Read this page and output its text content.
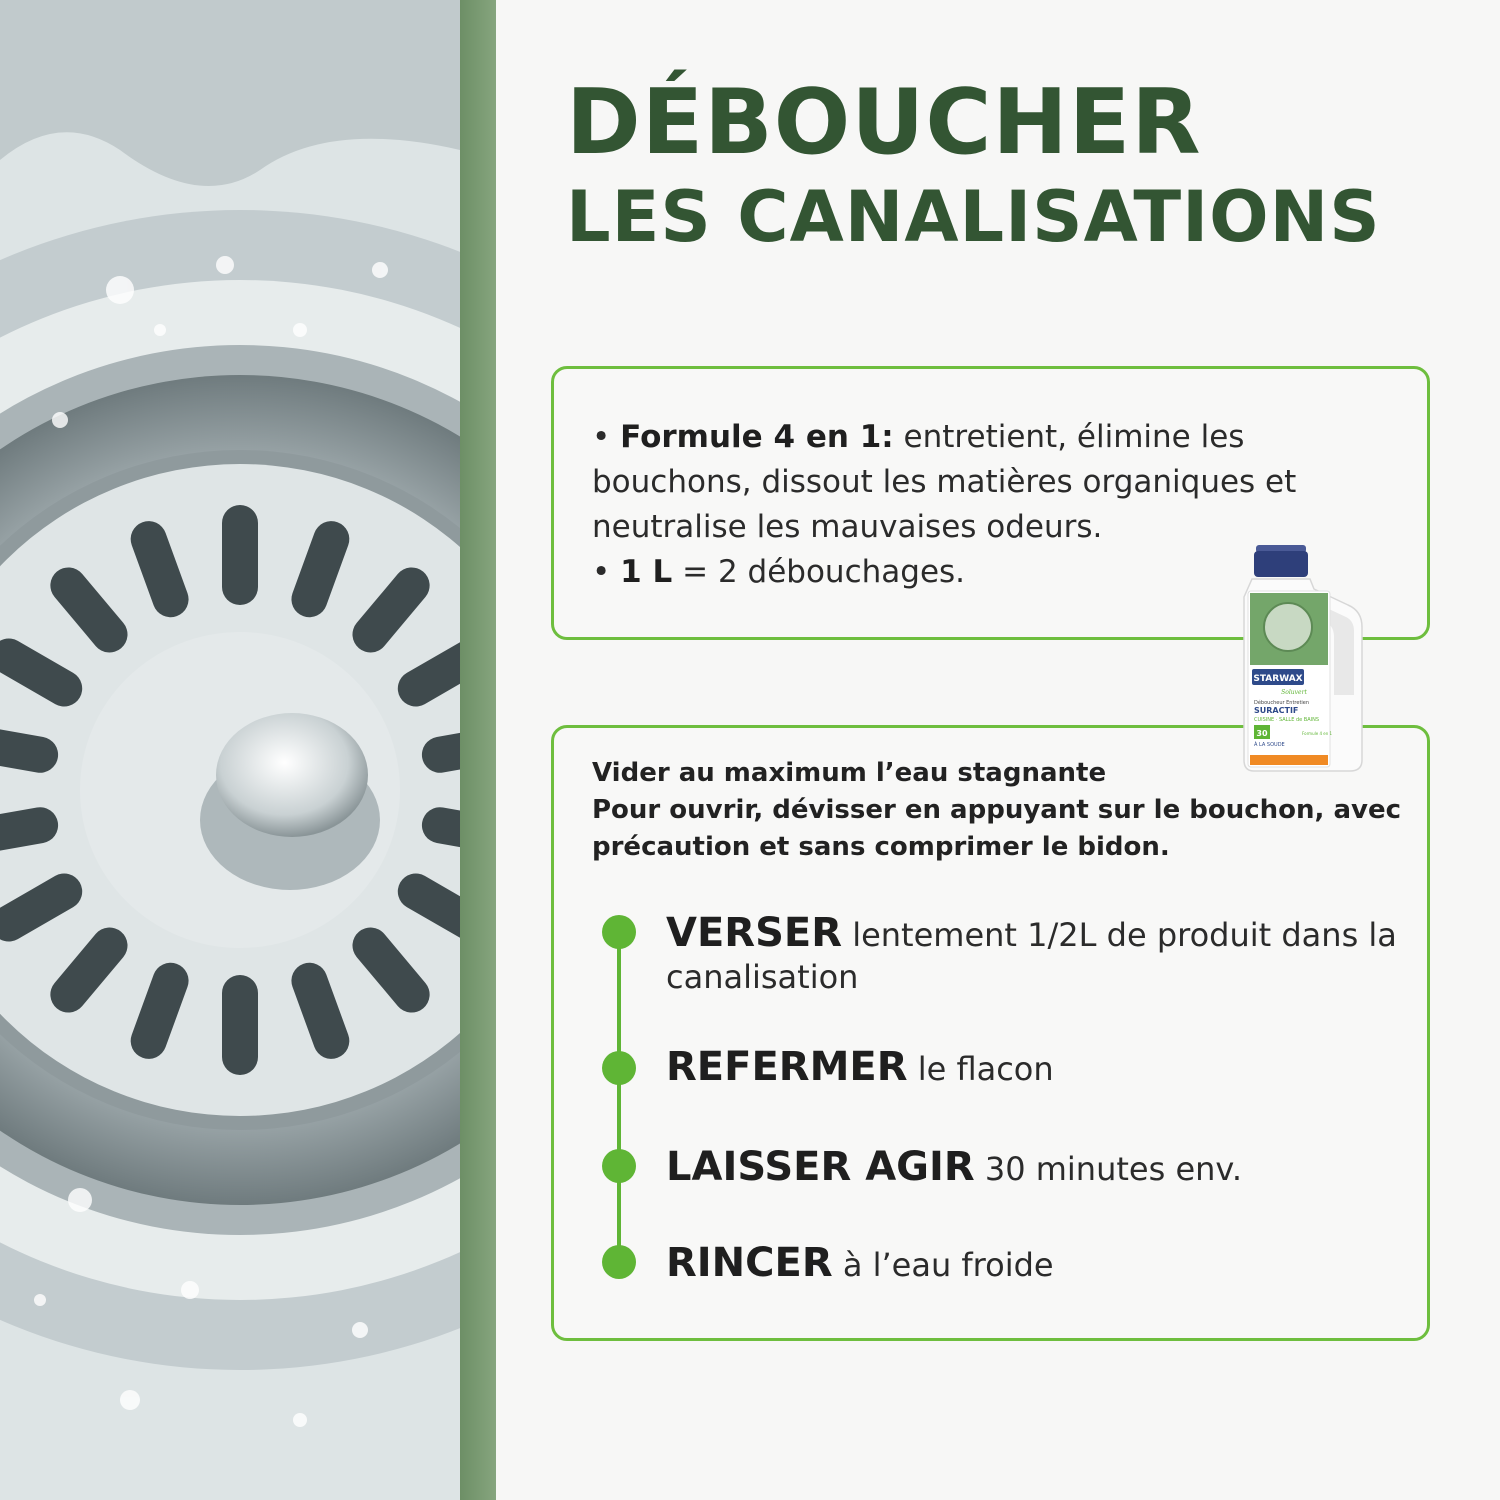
DÉBOUCHER
LES CANALISATIONS

• Formule 4 en 1: entretient, élimine les bouchons, dissout les matières organiques et neutralise les mauvaises odeurs.

• 1 L = 2 débouchages.

Vider au maximum l’eau stagnante

Pour ouvrir, dévisser en appuyant sur le bouchon, avec précaution et sans comprimer le bidon.

VERSER lentement 1/2L de produit dans la canalisation

REFERMER le flacon

LAISSER AGIR 30 minutes env.

RINCER à l’eau froide

STARWAX
Soluvert
Déboucheur Entretien
SURACTIF
CUISINE · SALLE de BAINS
30	Formule 4 en 1
À LA SOUDE
